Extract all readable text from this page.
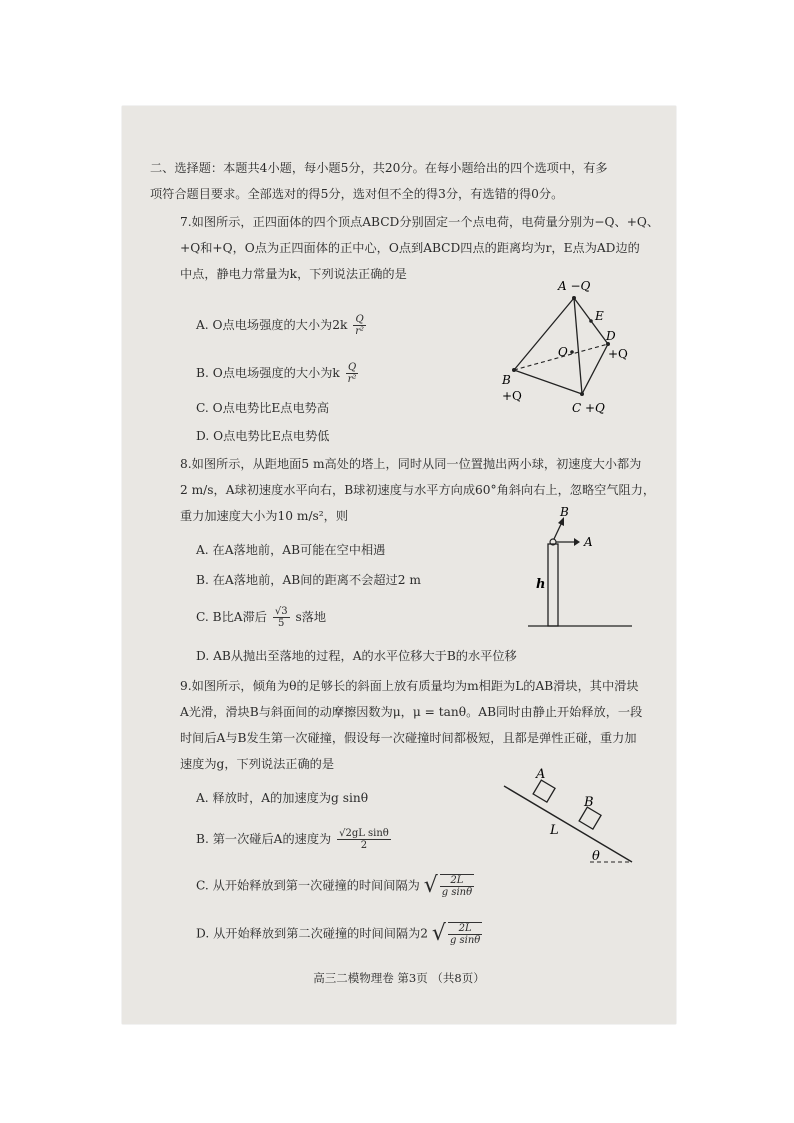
二、选择题：本题共4小题，每小题5分，共20分。在每小题给出的四个选项中，有多
项符合题目要求。全部选对的得5分，选对但不全的得3分，有选错的得0分。
7.如图所示，正四面体的四个顶点ABCD分别固定一个点电荷，电荷量分别为−Q、+Q、
+Q和+Q，O点为正四面体的正中心，O点到ABCD四点的距离均为r，E点为AD边的
中点，静电力常量为k，下列说法正确的是
A. O点电场强度的大小为$2k \frac{Q}{\text{r²}}$
B. O点电场强度的大小为k $\frac{Q}{\text{r²}}$
C. O点电势比E点电势高
D. O点电势比E点电势低
A −Q
E
D
+Q
O
B
+Q
C +Q
8.如图所示，从距地面5 m高处的塔上，同时从同一位置抛出两小球，初速度大小都为
2 m/s，A球初速度水平向右，B球初速度与水平方向成60°角斜向右上，忽略空气阻力，
重力加速度大小为10 m/s²，则
A. 在A落地前，AB可能在空中相遇
B. 在A落地前，AB间的距离不会超过2 m
C. B比A滞后 $\frac{√3}{5}$ s落地
D. AB从抛出至落地的过程，A的水平位移大于B的水平位移
B
A
h
9.如图所示，倾角为θ的足够长的斜面上放有质量均为m相距为L的AB滑块，其中滑块
A光滑，滑块B与斜面间的动摩擦因数为μ，μ = tanθ。AB同时由静止开始释放，一段
时间后A与B发生第一次碰撞，假设每一次碰撞时间都极短，且都是弹性正碰，重力加
速度为g，下列说法正确的是
A. 释放时，A的加速度为g sinθ
B. 第一次碰后A的速度为 $\frac{\text{√2gL sinθ}}{2}$
C. 从开始释放到第一次碰撞的时间间隔为 √ $\frac{2L}{\text{g sinθ}}$
D. 从开始释放到第二次碰撞的时间间隔为2 √ $\frac{2L}{\text{g sinθ}}$
A
B
L
θ
高三二模物理卷 第3页 （共8页）
